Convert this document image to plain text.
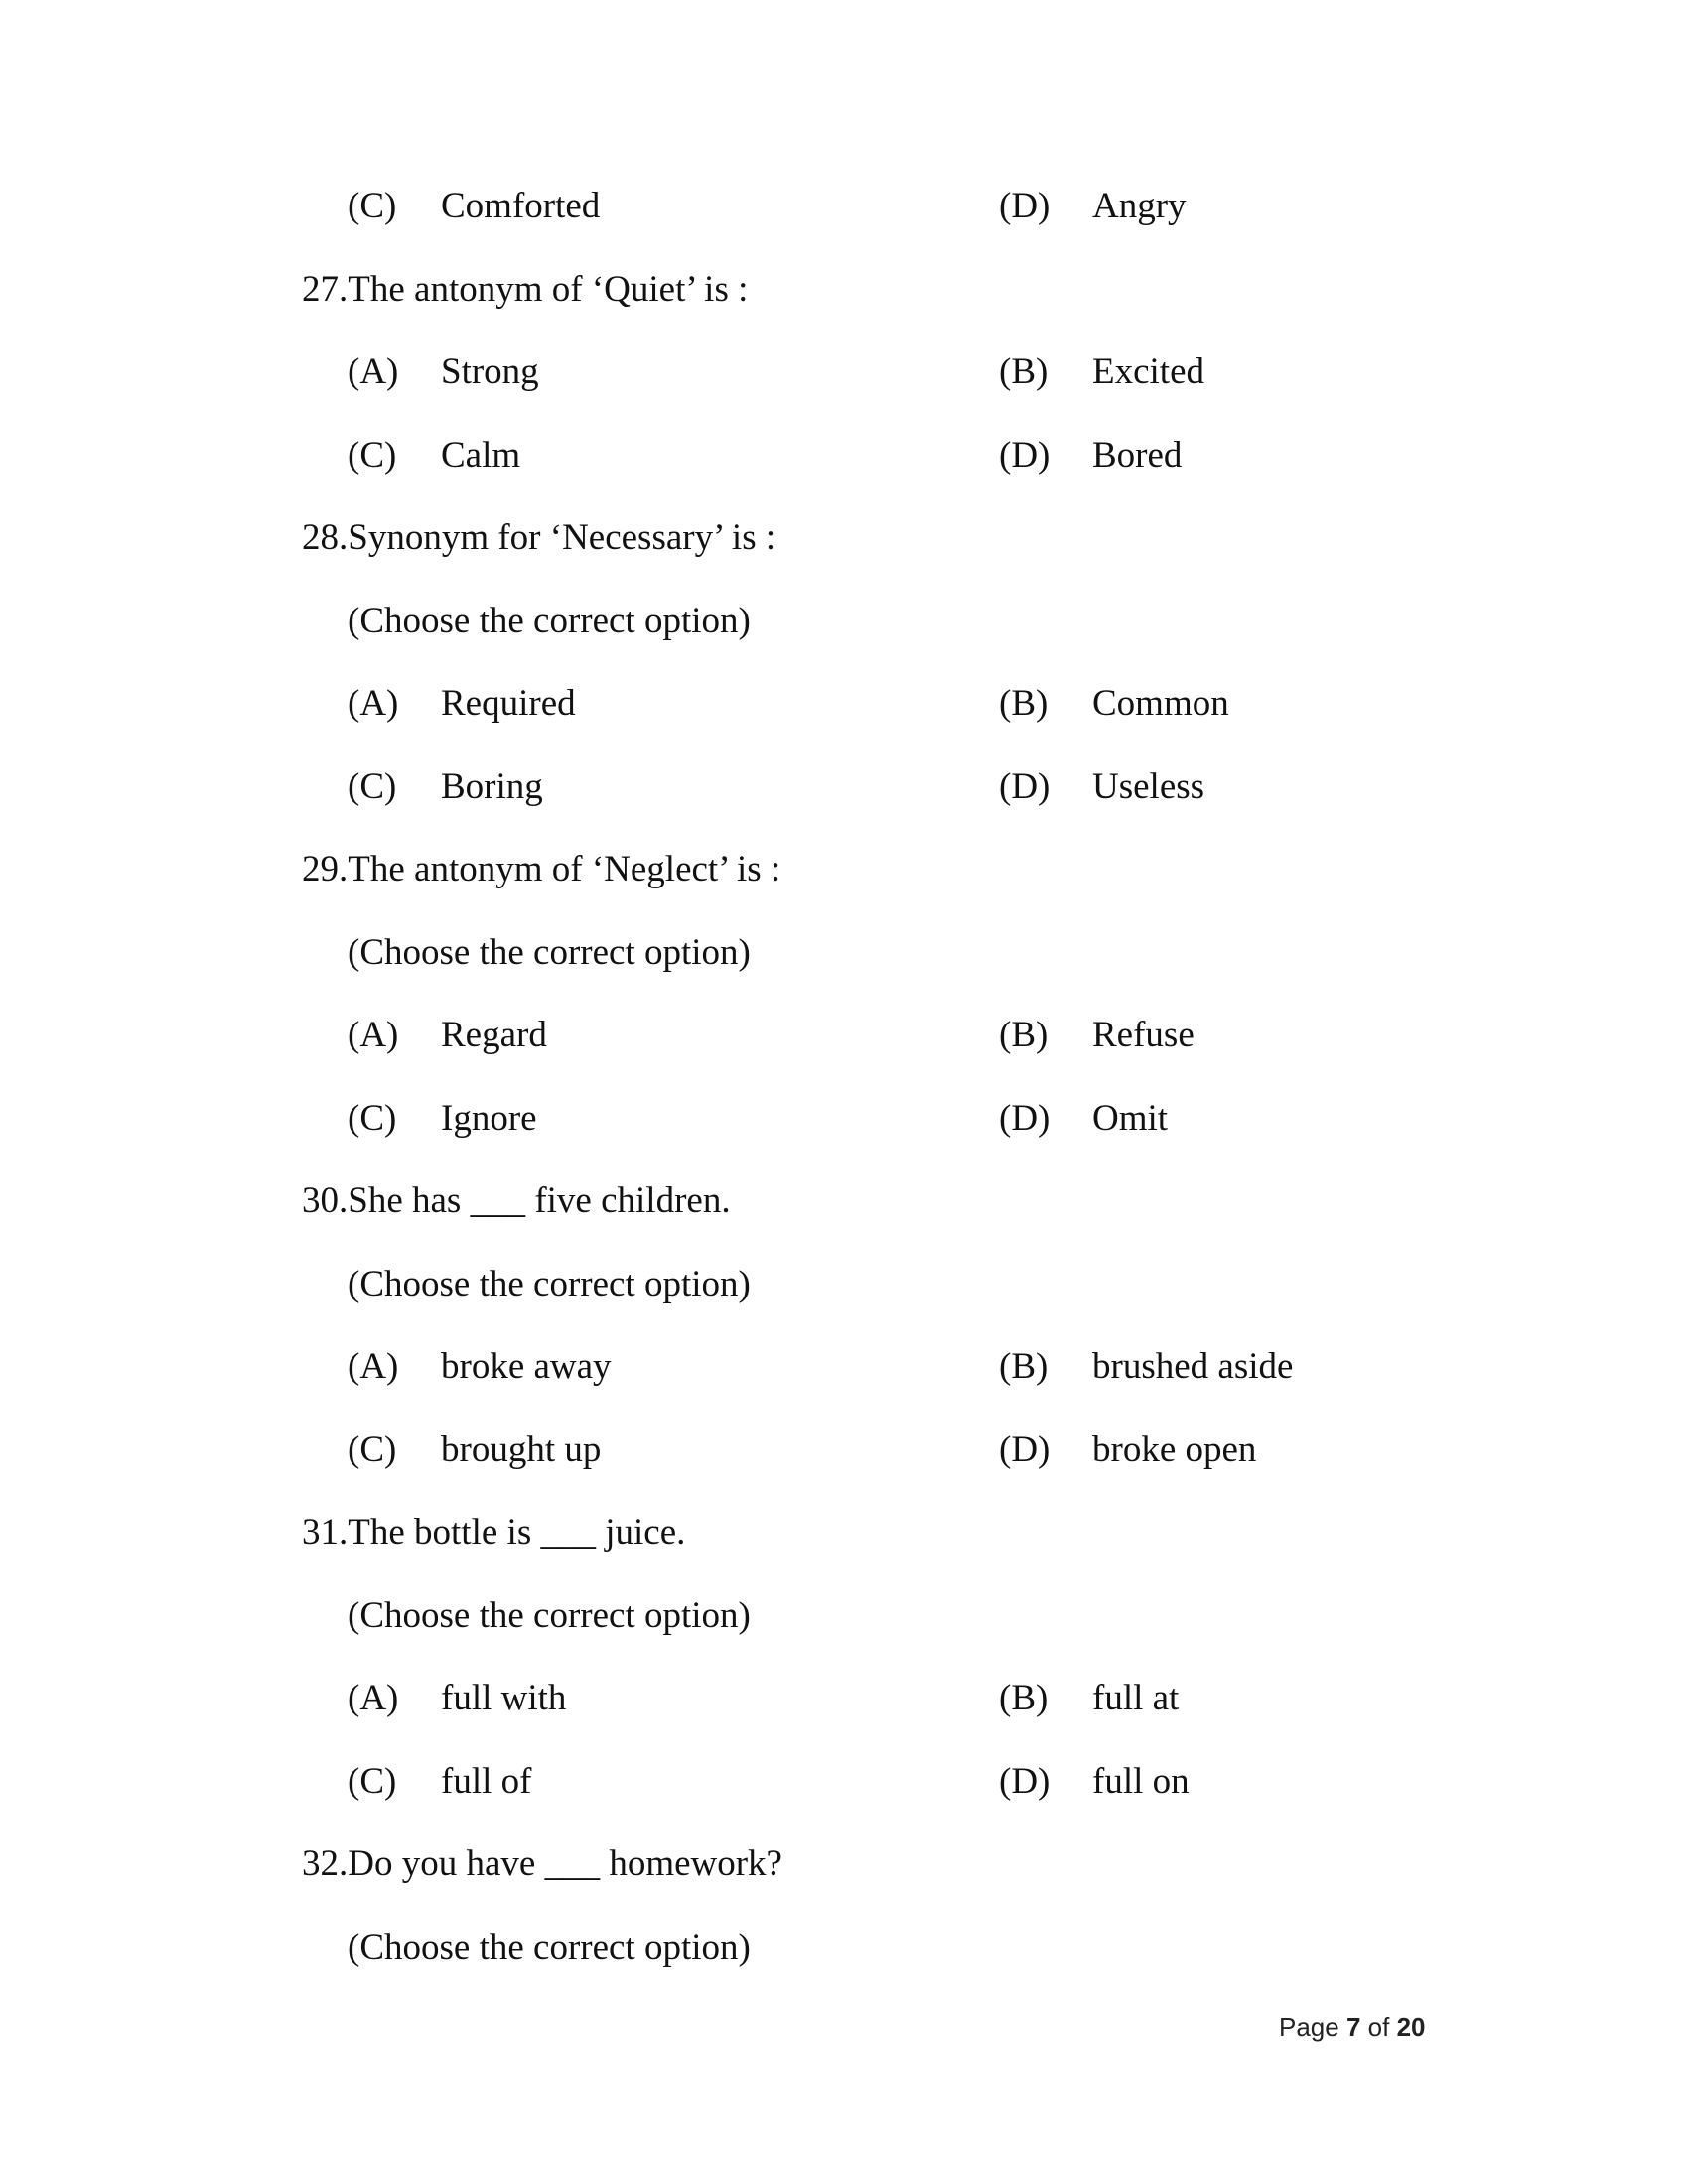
(C) Comforted	(D) Angry
27.The antonym of ‘Quiet’ is :
(A) Strong	(B) Excited
(C) Calm	(D) Bored
28.Synonym for ‘Necessary’ is :
(Choose the correct option)
(A) Required	(B) Common
(C) Boring	(D) Useless
29.The antonym of ‘Neglect’ is :
(Choose the correct option)
(A) Regard	(B) Refuse
(C) Ignore	(D) Omit
30.She has ___ five children.
(Choose the correct option)
(A) broke away	(B) brushed aside
(C) brought up	(D) broke open
31.The bottle is ___ juice.
(Choose the correct option)
(A) full with	(B) full at
(C) full of	(D) full on
32.Do you have ___ homework?
(Choose the correct option)
Page 7 of 20
